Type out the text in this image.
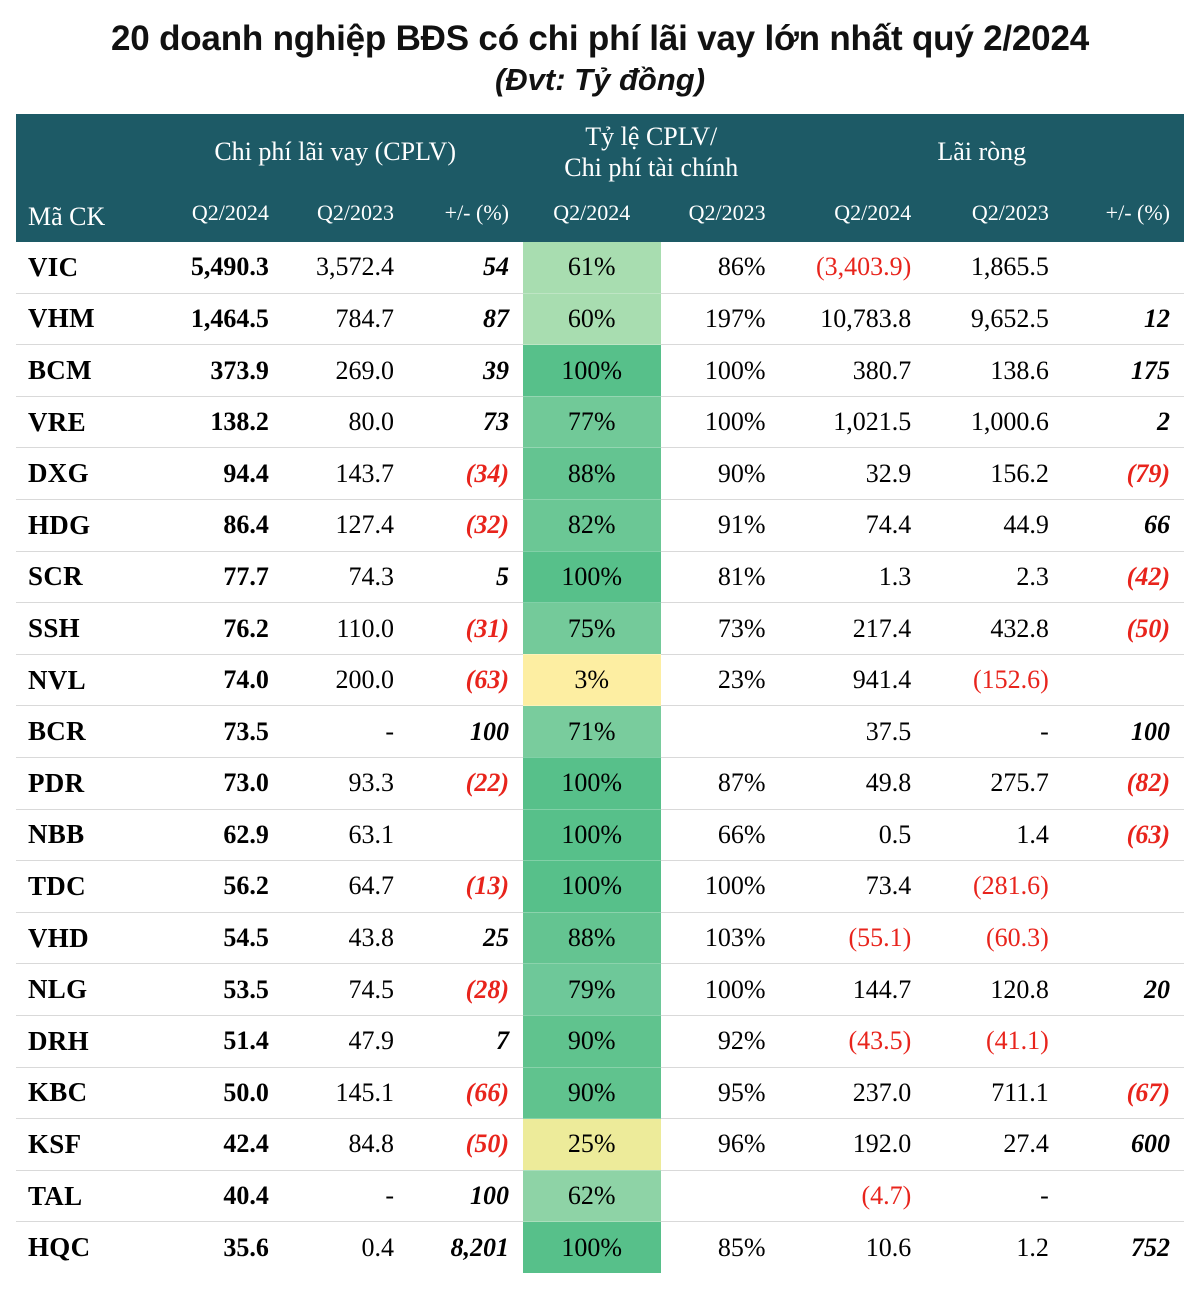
20 doanh nghiệp BĐS có chi phí lãi vay lớn nhất quý 2/2024
(Đvt: Tỷ đồng)
Mã CK	Chi phí lãi vay (CPLV)			Tỷ lệ CPLV/
Chi phí tài chính		Lãi ròng		
	Q2/2024	Q2/2023	+/- (%)	Q2/2024	Q2/2023	Q2/2024	Q2/2023	+/- (%)
VIC	5,490.3	3,572.4	54	61%	86%	(3,403.9)	1,865.5	
VHM	1,464.5	784.7	87	60%	197%	10,783.8	9,652.5	12
BCM	373.9	269.0	39	100%	100%	380.7	138.6	175
VRE	138.2	80.0	73	77%	100%	1,021.5	1,000.6	2
DXG	94.4	143.7	(34)	88%	90%	32.9	156.2	(79)
HDG	86.4	127.4	(32)	82%	91%	74.4	44.9	66
SCR	77.7	74.3	5	100%	81%	1.3	2.3	(42)
SSH	76.2	110.0	(31)	75%	73%	217.4	432.8	(50)
NVL	74.0	200.0	(63)	3%	23%	941.4	(152.6)	
BCR	73.5	-	100	71%		37.5	-	100
PDR	73.0	93.3	(22)	100%	87%	49.8	275.7	(82)
NBB	62.9	63.1		100%	66%	0.5	1.4	(63)
TDC	56.2	64.7	(13)	100%	100%	73.4	(281.6)	
VHD	54.5	43.8	25	88%	103%	(55.1)	(60.3)	
NLG	53.5	74.5	(28)	79%	100%	144.7	120.8	20
DRH	51.4	47.9	7	90%	92%	(43.5)	(41.1)	
KBC	50.0	145.1	(66)	90%	95%	237.0	711.1	(67)
KSF	42.4	84.8	(50)	25%	96%	192.0	27.4	600
TAL	40.4	-	100	62%		(4.7)	-	
HQC	35.6	0.4	8,201	100%	85%	10.6	1.2	752
